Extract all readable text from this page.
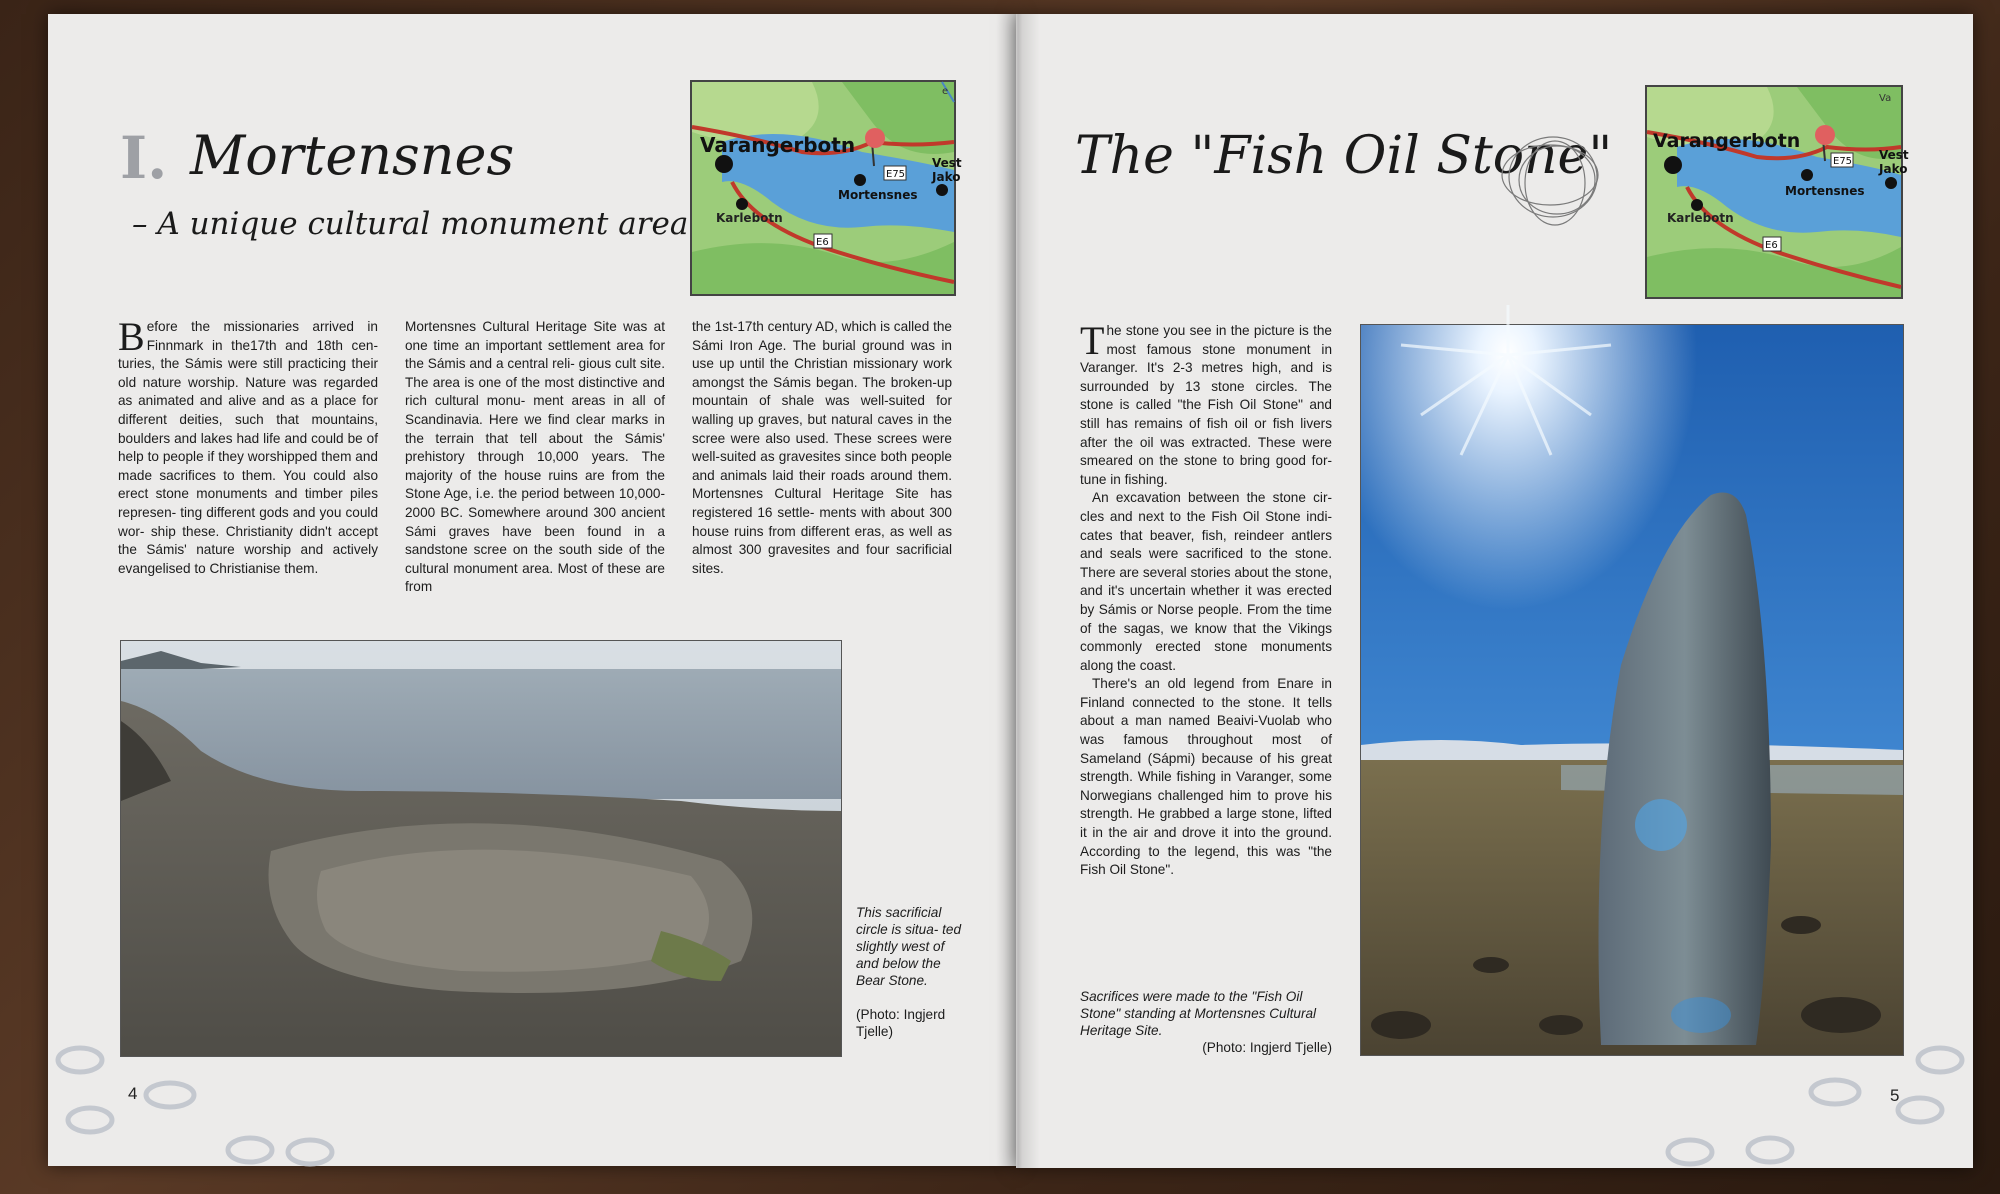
I. Mortensnes
– A unique cultural monument area
Varangerbotn
Mortensnes
Karlebotn
Vest
Jako
e
E75
E6
Before the missionaries arrived in Finnmark in the17th and 18th cen- turies, the Sámis were still practicing their old nature worship. Nature was regarded as animated and alive and as a place for different deities, such that mountains, boulders and lakes had life and could be of help to people if they worshipped them and made sacrifices to them. You could also erect stone monuments and timber piles represen- ting different gods and you could wor- ship these. Christianity didn't accept the Sámis' nature worship and actively evangelised to Christianise them.
Mortensnes Cultural Heritage Site was at one time an important settlement area for the Sámis and a central reli- gious cult site. The area is one of the most distinctive and rich cultural monu- ment areas in all of Scandinavia. Here we find clear marks in the terrain that tell about the Sámis' prehistory through 10,000 years. The majority of the house ruins are from the Stone Age, i.e. the period between 10,000-2000 BC. Somewhere around 300 ancient Sámi graves have been found in a sandstone scree on the south side of the cultural monument area. Most of these are from
the 1st-17th century AD, which is called the Sámi Iron Age. The burial ground was in use up until the Christian missionary work amongst the Sámis began. The broken-up mountain of shale was well-suited for walling up graves, but natural caves in the scree were also used. These screes were well-suited as gravesites since both people and animals laid their roads around them. Mortensnes Cultural Heritage Site has registered 16 settle- ments with about 300 house ruins from different eras, as well as almost 300 gravesites and four sacrificial sites.
This sacrificial circle is situa- ted slightly west of and below the Bear Stone.

(Photo: Ingjerd Tjelle)
4
The "Fish Oil Stone" Varangerbotn
Mortensnes
Karlebotn
Vest
Jako
Va
E75
E6

The stone you see in the picture is the most famous stone monument in Varanger. It's 2-3 metres high, and is surrounded by 13 stone circles. The stone is called "the Fish Oil Stone" and still has remains of fish oil or fish livers after the oil was extracted. These were smeared on the stone to bring good for- tune in fishing.

An excavation between the stone cir- cles and next to the Fish Oil Stone indi- cates that beaver, fish, reindeer antlers and seals were sacrificed to the stone. There are several stories about the stone, and it's uncertain whether it was erected by Sámis or Norse people. From the time of the sagas, we know that the Vikings commonly erected stone monuments along the coast.

There's an old legend from Enare in Finland connected to the stone. It tells about a man named Beaivi-Vuolab who was famous throughout most of Sameland (Sápmi) because of his great strength. While fishing in Varanger, some Norwegians challenged him to prove his strength. He grabbed a large stone, lifted it in the air and drove it into the ground. According to the legend, this was "the Fish Oil Stone".

Sacrifices were made to the "Fish Oil Stone" standing at Mortensnes Cultural Heritage Site.
(Photo: Ingjerd Tjelle)
5
